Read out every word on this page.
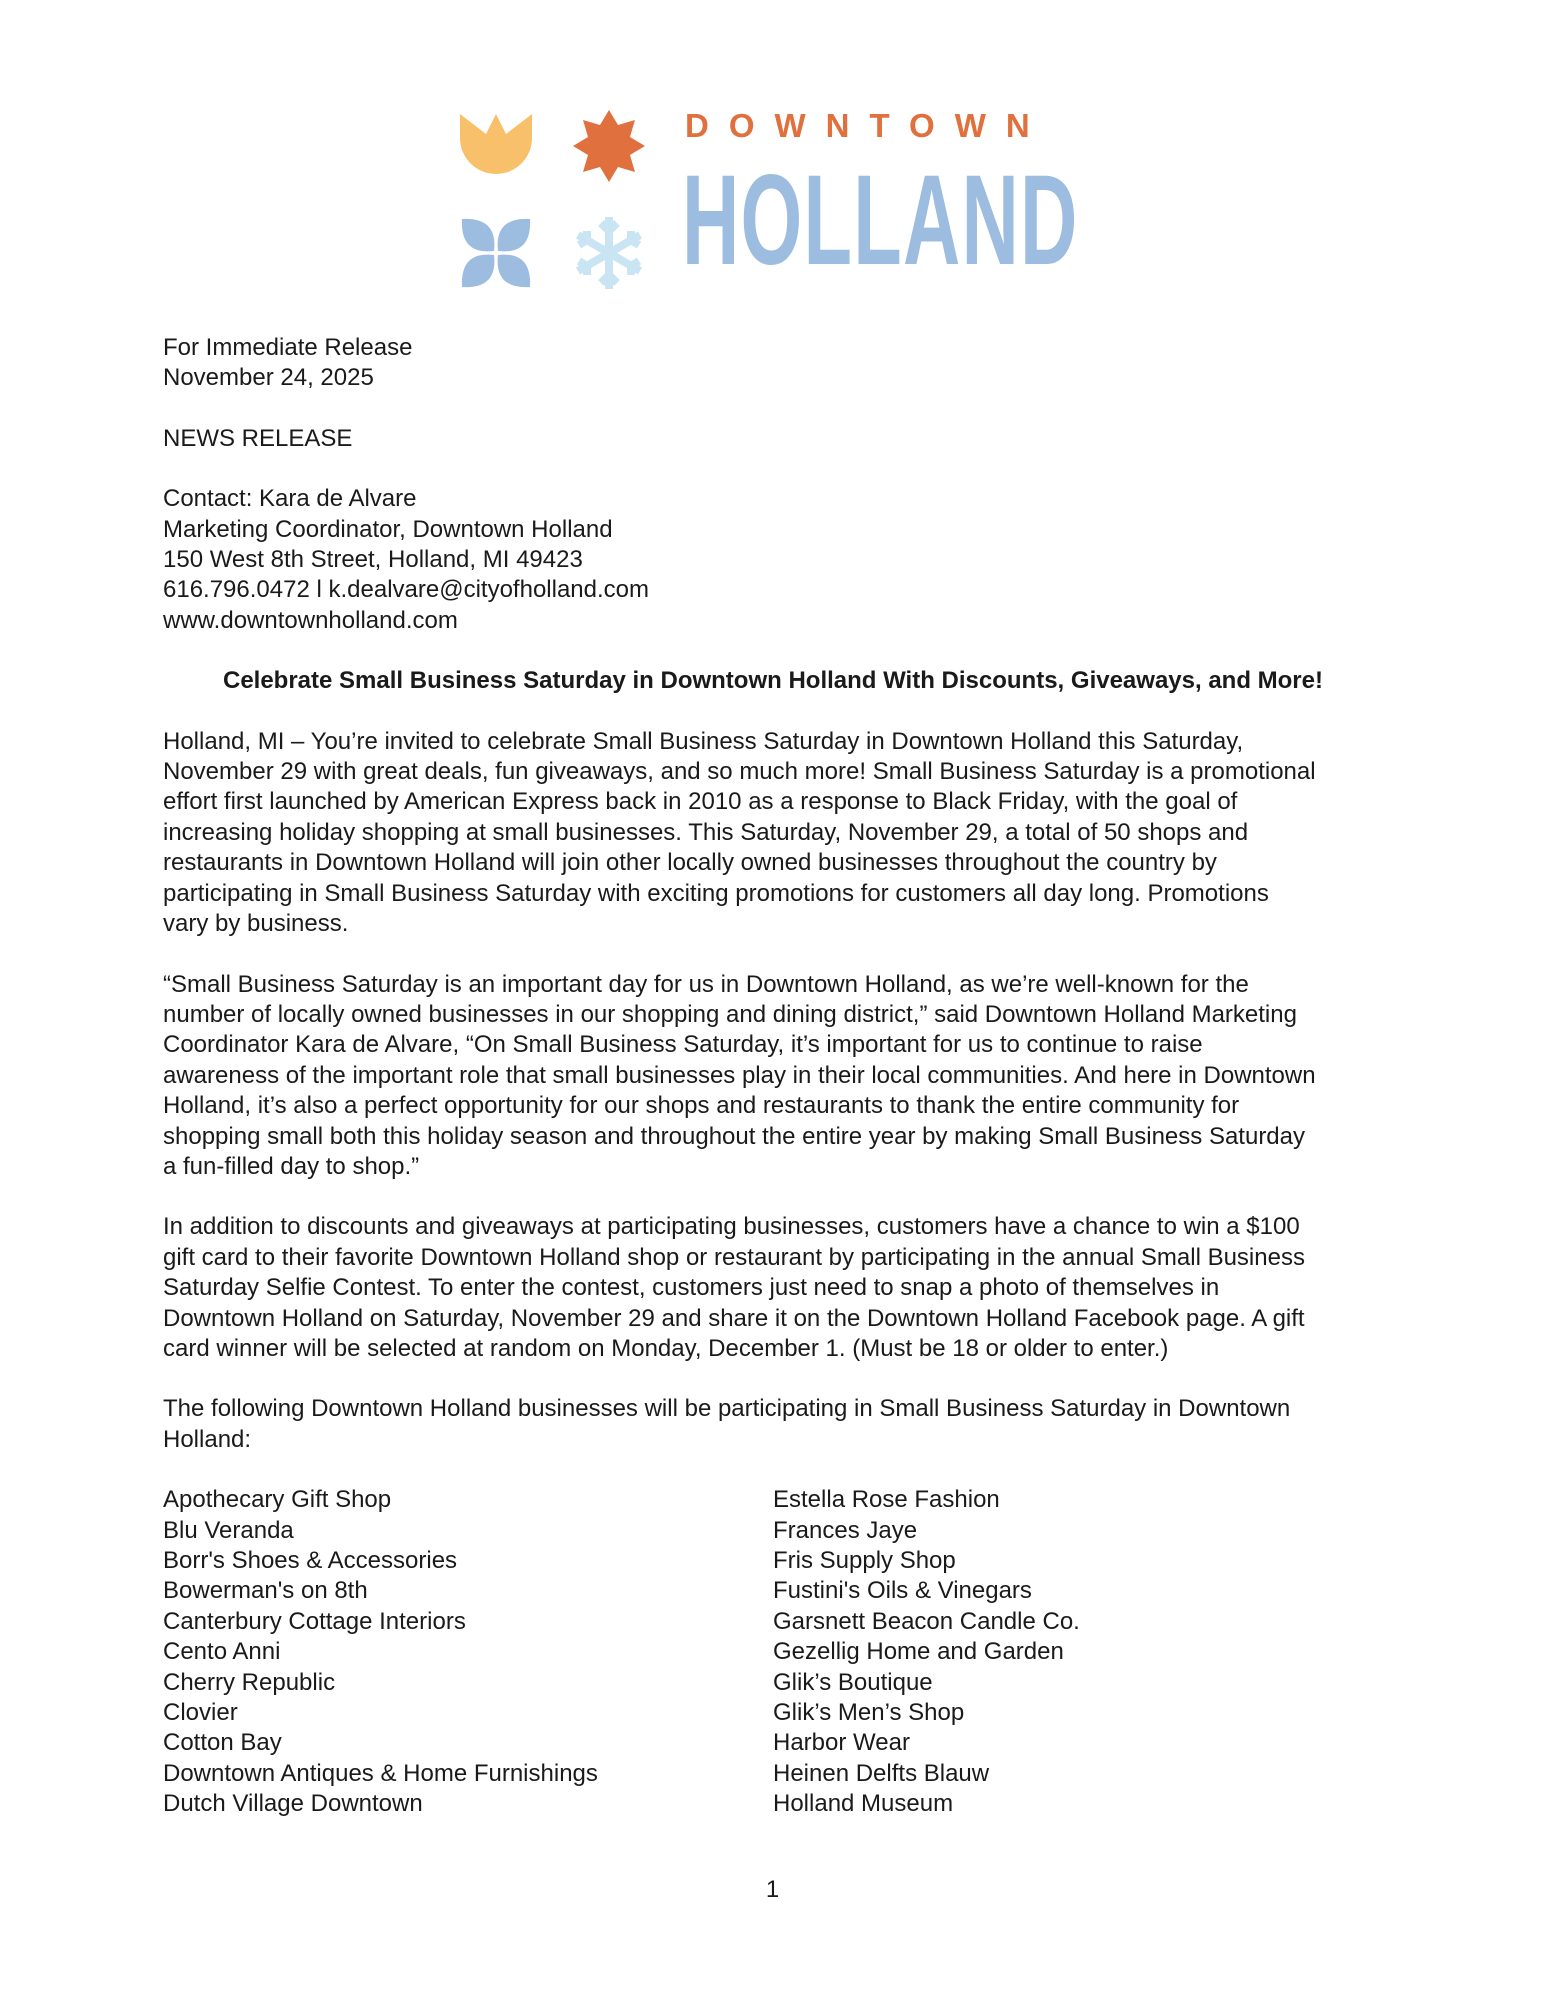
DOWNTOWN
HOLLAND
For Immediate Release
November 24, 2025
NEWS RELEASE
Contact: Kara de Alvare
Marketing Coordinator, Downtown Holland
150 West 8th Street, Holland, MI 49423
616.796.0472 l k.dealvare@cityofholland.com
www.downtownholland.com
Celebrate Small Business Saturday in Downtown Holland With Discounts, Giveaways, and More!
Holland, MI – You’re invited to celebrate Small Business Saturday in Downtown Holland this Saturday,
November 29 with great deals, fun giveaways, and so much more! Small Business Saturday is a promotional
effort first launched by American Express back in 2010 as a response to Black Friday, with the goal of
increasing holiday shopping at small businesses. This Saturday, November 29, a total of 50 shops and
restaurants in Downtown Holland will join other locally owned businesses throughout the country by
participating in Small Business Saturday with exciting promotions for customers all day long. Promotions
vary by business.
“Small Business Saturday is an important day for us in Downtown Holland, as we’re well-known for the
number of locally owned businesses in our shopping and dining district,” said Downtown Holland Marketing
Coordinator Kara de Alvare, “On Small Business Saturday, it’s important for us to continue to raise
awareness of the important role that small businesses play in their local communities. And here in Downtown
Holland, it’s also a perfect opportunity for our shops and restaurants to thank the entire community for
shopping small both this holiday season and throughout the entire year by making Small Business Saturday
a fun-filled day to shop.”
In addition to discounts and giveaways at participating businesses, customers have a chance to win a $100
gift card to their favorite Downtown Holland shop or restaurant by participating in the annual Small Business
Saturday Selfie Contest. To enter the contest, customers just need to snap a photo of themselves in
Downtown Holland on Saturday, November 29 and share it on the Downtown Holland Facebook page. A gift
card winner will be selected at random on Monday, December 1. (Must be 18 or older to enter.)
The following Downtown Holland businesses will be participating in Small Business Saturday in Downtown
Holland:
Apothecary Gift Shop
Blu Veranda
Borr's Shoes & Accessories
Bowerman's on 8th
Canterbury Cottage Interiors
Cento Anni
Cherry Republic
Clovier
Cotton Bay
Downtown Antiques & Home Furnishings
Dutch Village Downtown
Estella Rose Fashion
Frances Jaye
Fris Supply Shop
Fustini's Oils & Vinegars
Garsnett Beacon Candle Co.
Gezellig Home and Garden
Glik’s Boutique
Glik’s Men’s Shop
Harbor Wear
Heinen Delfts Blauw
Holland Museum
1
